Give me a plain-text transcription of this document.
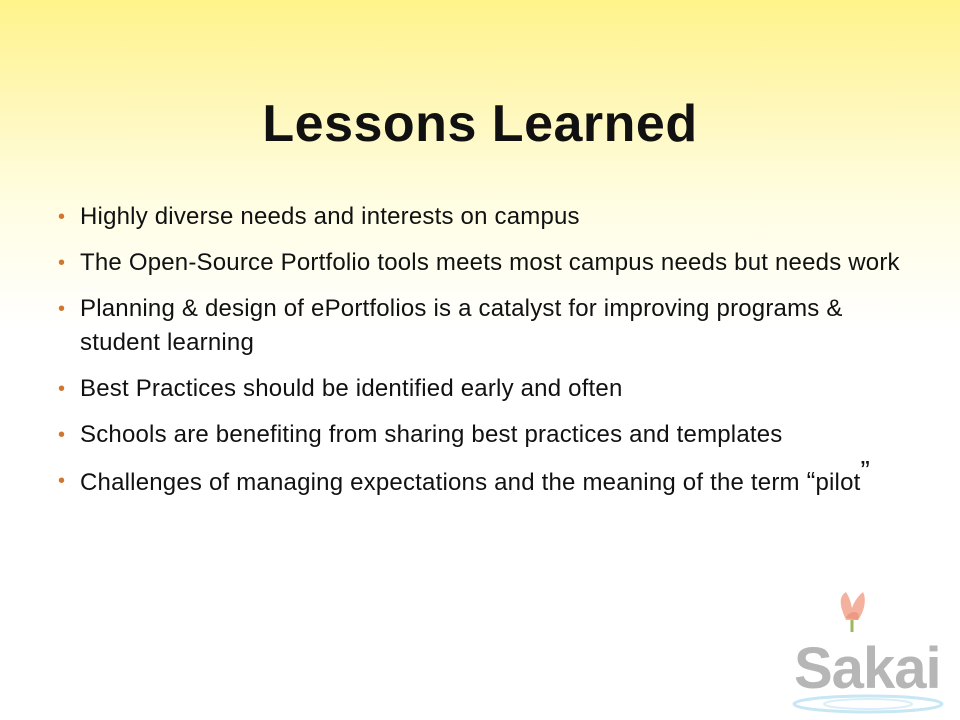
Lessons Learned
• Highly diverse needs and interests on campus
• The Open-Source Portfolio tools meets most campus needs but needs work
• Planning & design of ePortfolios is a catalyst for improving programs & student learning
• Best Practices should be identified early and often
• Schools are benefiting from sharing best practices and templates
• Challenges of managing expectations and the meaning of the term “pilot”
Sakai
